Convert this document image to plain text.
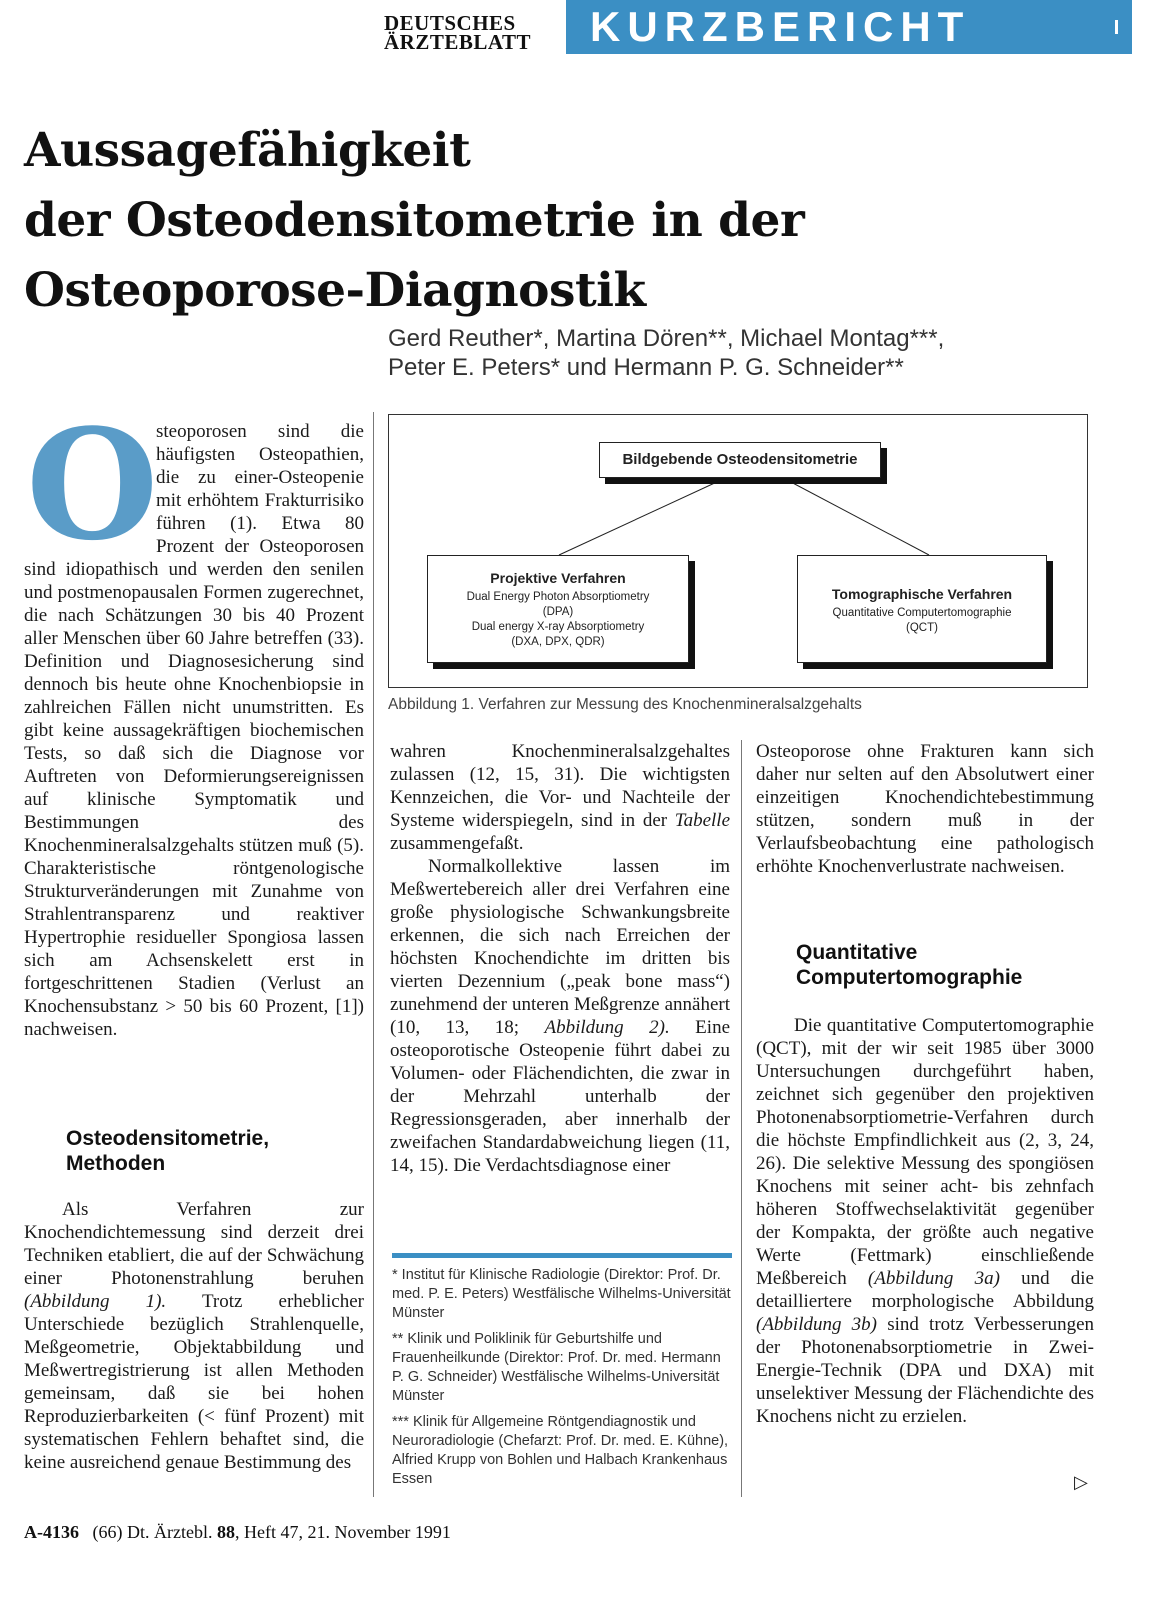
DEUTSCHES
ÄRZTEBLATT	KURZBERICHT
Aussagefähigkeit
der Osteodensitometrie in der
Osteoporose-Diagnostik
Gerd Reuther*, Martina Dören**, Michael Montag***,
Peter E. Peters* und Hermann P. G. Schneider**
O

steoporosen sind die häufigsten Osteopathien, die zu einer-Osteopenie mit erhöhtem Frakturrisiko führen (1). Etwa 80 Prozent der Osteoporosen sind idiopathisch und werden den senilen und postmenopausalen Formen zugerechnet, die nach Schätzungen 30 bis 40 Prozent aller Menschen über 60 Jahre betreffen (33). Definition und Diagnosesicherung sind dennoch bis heute ohne Knochenbiopsie in zahlreichen Fällen nicht unumstritten. Es gibt keine aussagekräftigen biochemischen Tests, so daß sich die Diagnose vor Auftreten von Deformierungsereignissen auf klinische Symptomatik und Bestimmungen des Knochenmineralsalzgehalts stützen muß (5). Charakteristische röntgenologische Strukturveränderungen mit Zunahme von Strahlentransparenz und reaktiver Hypertrophie residueller Spongiosa lassen sich am Achsenskelett erst in fortgeschrittenen Stadien (Verlust an Knochensubstanz > 50 bis 60 Prozent, [1]) nachweisen.

Osteodensitometrie, Methoden

Als Verfahren zur Knochendichtemessung sind derzeit drei Techniken etabliert, die auf der Schwächung einer Photonenstrahlung beruhen (Abbildung 1). Trotz erheblicher Unterschiede bezüglich Strahlenquelle, Meßgeometrie, Objektabbildung und Meßwertregistrierung ist allen Methoden gemeinsam, daß sie bei hohen Reproduzierbarkeiten (< fünf Prozent) mit systematischen Fehlern behaftet sind, die keine ausreichend genaue Bestimmung des

Bildgebende Osteodensitometrie
Projektive Verfahren
Dual Energy Photon Absorptiometry
(DPA)
Dual energy X-ray Absorptiometry
(DXA, DPX, QDR)
Tomographische Verfahren
Quantitative Computertomographie
(QCT)
Abbildung 1. Verfahren zur Messung des Knochenmineralsalzgehalts

wahren Knochenmineralsalzgehaltes zulassen (12, 15, 31). Die wichtigsten Kennzeichen, die Vor- und Nachteile der Systeme widerspiegeln, sind in der Tabelle zusammengefaßt.

Normalkollektive lassen im Meßwertebereich aller drei Verfahren eine große physiologische Schwankungsbreite erkennen, die sich nach Erreichen der höchsten Knochendichte im dritten bis vierten Dezennium („peak bone mass“) zunehmend der unteren Meßgrenze annähert (10, 13, 18; Abbildung 2). Eine osteoporotische Osteopenie führt dabei zu Volumen- oder Flächendichten, die zwar in der Mehrzahl unterhalb der Regressionsgeraden, aber innerhalb der zweifachen Standardabweichung liegen (11, 14, 15). Die Verdachtsdiagnose einer

* Institut für Klinische Radiologie (Direktor: Prof. Dr. med. P. E. Peters) Westfälische Wilhelms-Universität Münster

** Klinik und Poliklinik für Geburtshilfe und Frauenheilkunde (Direktor: Prof. Dr. med. Hermann P. G. Schneider) Westfälische Wilhelms-Universität Münster

*** Klinik für Allgemeine Röntgendiagnostik und Neuroradiologie (Chefarzt: Prof. Dr. med. E. Kühne), Alfried Krupp von Bohlen und Halbach Krankenhaus Essen

Osteoporose ohne Frakturen kann sich daher nur selten auf den Absolutwert einer einzeitigen Knochendichtebestimmung stützen, sondern muß in der Verlaufsbeobachtung eine pathologisch erhöhte Knochenverlustrate nachweisen.

Quantitative Computertomographie

Die quantitative Computertomographie (QCT), mit der wir seit 1985 über 3000 Untersuchungen durchgeführt haben, zeichnet sich gegenüber den projektiven Photonenabsorptiometrie-Verfahren durch die höchste Empfindlichkeit aus (2, 3, 24, 26). Die selektive Messung des spongiösen Knochens mit seiner acht- bis zehnfach höheren Stoffwechselaktivität gegenüber der Kompakta, der größte auch negative Werte (Fettmark) einschließende Meßbereich (Abbildung 3a) und die detailliertere morphologische Abbildung (Abbildung 3b) sind trotz Verbesserungen der Photonenabsorptiometrie in Zwei-Energie-Technik (DPA und DXA) mit unselektiver Messung der Flächendichte des Knochens nicht zu erzielen.

▷
A-4136 (66) Dt. Ärztebl. 88, Heft 47, 21. November 1991
